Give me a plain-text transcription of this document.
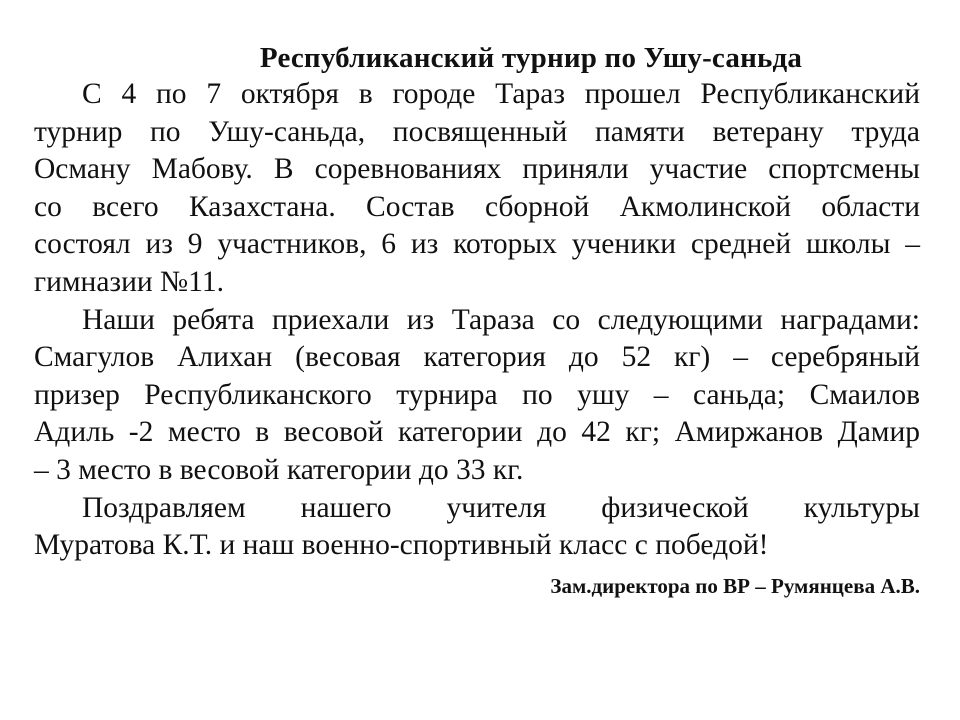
Республиканский турнир по Ушу-саньда
С 4 по 7 октября в городе Тараз прошел Республиканский
турнир по Ушу-саньда, посвященный памяти ветерану труда
Осману Мабову. В соревнованиях приняли участие спортсмены
со всего Казахстана. Состав сборной Акмолинской области
состоял из 9 участников, 6 из которых ученики средней школы –
гимназии №11.
Наши ребята приехали из Тараза со следующими наградами:
Смагулов Алихан (весовая категория до 52 кг) – серебряный
призер Республиканского турнира по ушу – саньда; Смаилов
Адиль -2 место в весовой категории до 42 кг; Амиржанов Дамир
– 3 место в весовой категории до 33 кг.
Поздравляем нашего учителя физической культуры
Муратова К.Т. и наш военно-спортивный класс с победой!
Зам.директора по ВР – Румянцева А.В.
